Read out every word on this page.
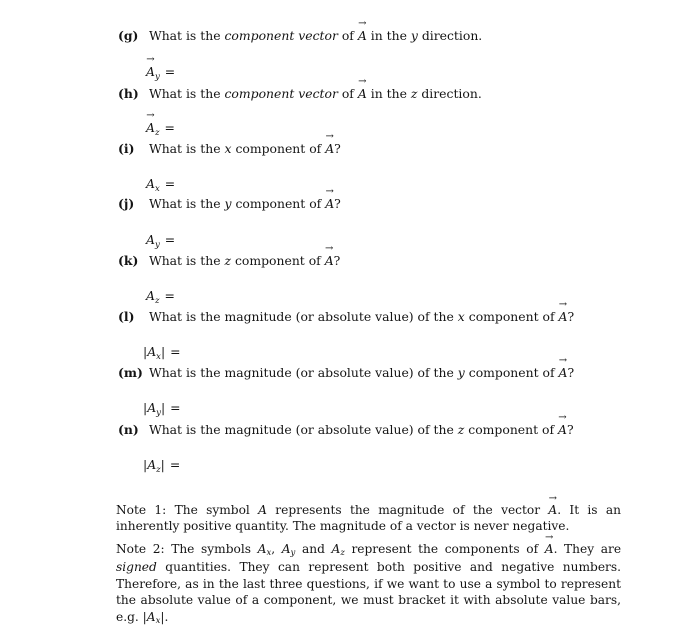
(g) What is the component vector of → A in the y direction.
→ $A_y$ =
(h) What is the component vector of → A in the z direction.
→ $A_z$ =
(i) What is the x component of → A?
$A_x$ =
(j) What is the y component of → A?
$A_y$ =
(k) What is the z component of → A?
$A_z$ =
(l) What is the magnitude (or absolute value) of the x component of → A?
$|A_x|$ =
(m) What is the magnitude (or absolute value) of the y component of → A?
$|A_y|$ =
(n) What is the magnitude (or absolute value) of the z component of → A?
$|A_z|$ =
Note 1: The symbol A represents the magnitude of the vector → A. It is an inherently positive quantity. The magnitude of a vector is never negative.
Note 2: The symbols Ax, Ay and Az represent the components of → A. They are signed quantities. They can represent both positive and negative numbers. Therefore, as in the last three questions, if we want to use a symbol to represent the absolute value of a component, we must bracket it with absolute value bars, e.g. |Ax|.
